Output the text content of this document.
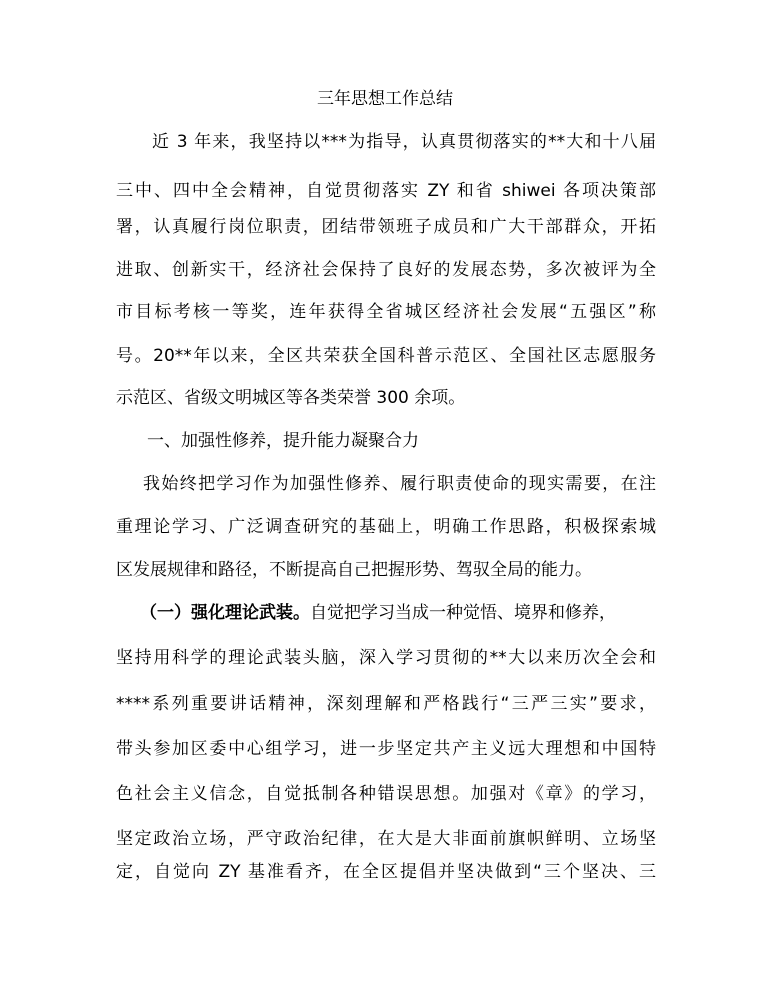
三年思想工作总结
近 3 年来，我坚持以***为指导，认真贯彻落实的**大和十八届
三中、四中全会精神，自觉贯彻落实 ZY 和省 shiwei 各项决策部
署，认真履行岗位职责，团结带领班子成员和广大干部群众，开拓
进取、创新实干，经济社会保持了良好的发展态势，多次被评为全
市目标考核一等奖，连年获得全省城区经济社会发展“五强区”称
号。20**年以来，全区共荣获全国科普示范区、全国社区志愿服务
示范区、省级文明城区等各类荣誉 300 余项。
一、加强性修养，提升能力凝聚合力
我始终把学习作为加强性修养、履行职责使命的现实需要，在注
重理论学习、广泛调查研究的基础上，明确工作思路，积极探索城
区发展规律和路径，不断提高自己把握形势、驾驭全局的能力。
（一）强化理论武装。自觉把学习当成一种觉悟、境界和修养，
坚持用科学的理论武装头脑，深入学习贯彻的**大以来历次全会和
****系列重要讲话精神，深刻理解和严格践行“三严三实”要求，
带头参加区委中心组学习，进一步坚定共产主义远大理想和中国特
色社会主义信念，自觉抵制各种错误思想。加强对《章》的学习，
坚定政治立场，严守政治纪律，在大是大非面前旗帜鲜明、立场坚
定，自觉向 ZY 基准看齐，在全区提倡并坚决做到“三个坚决、三
